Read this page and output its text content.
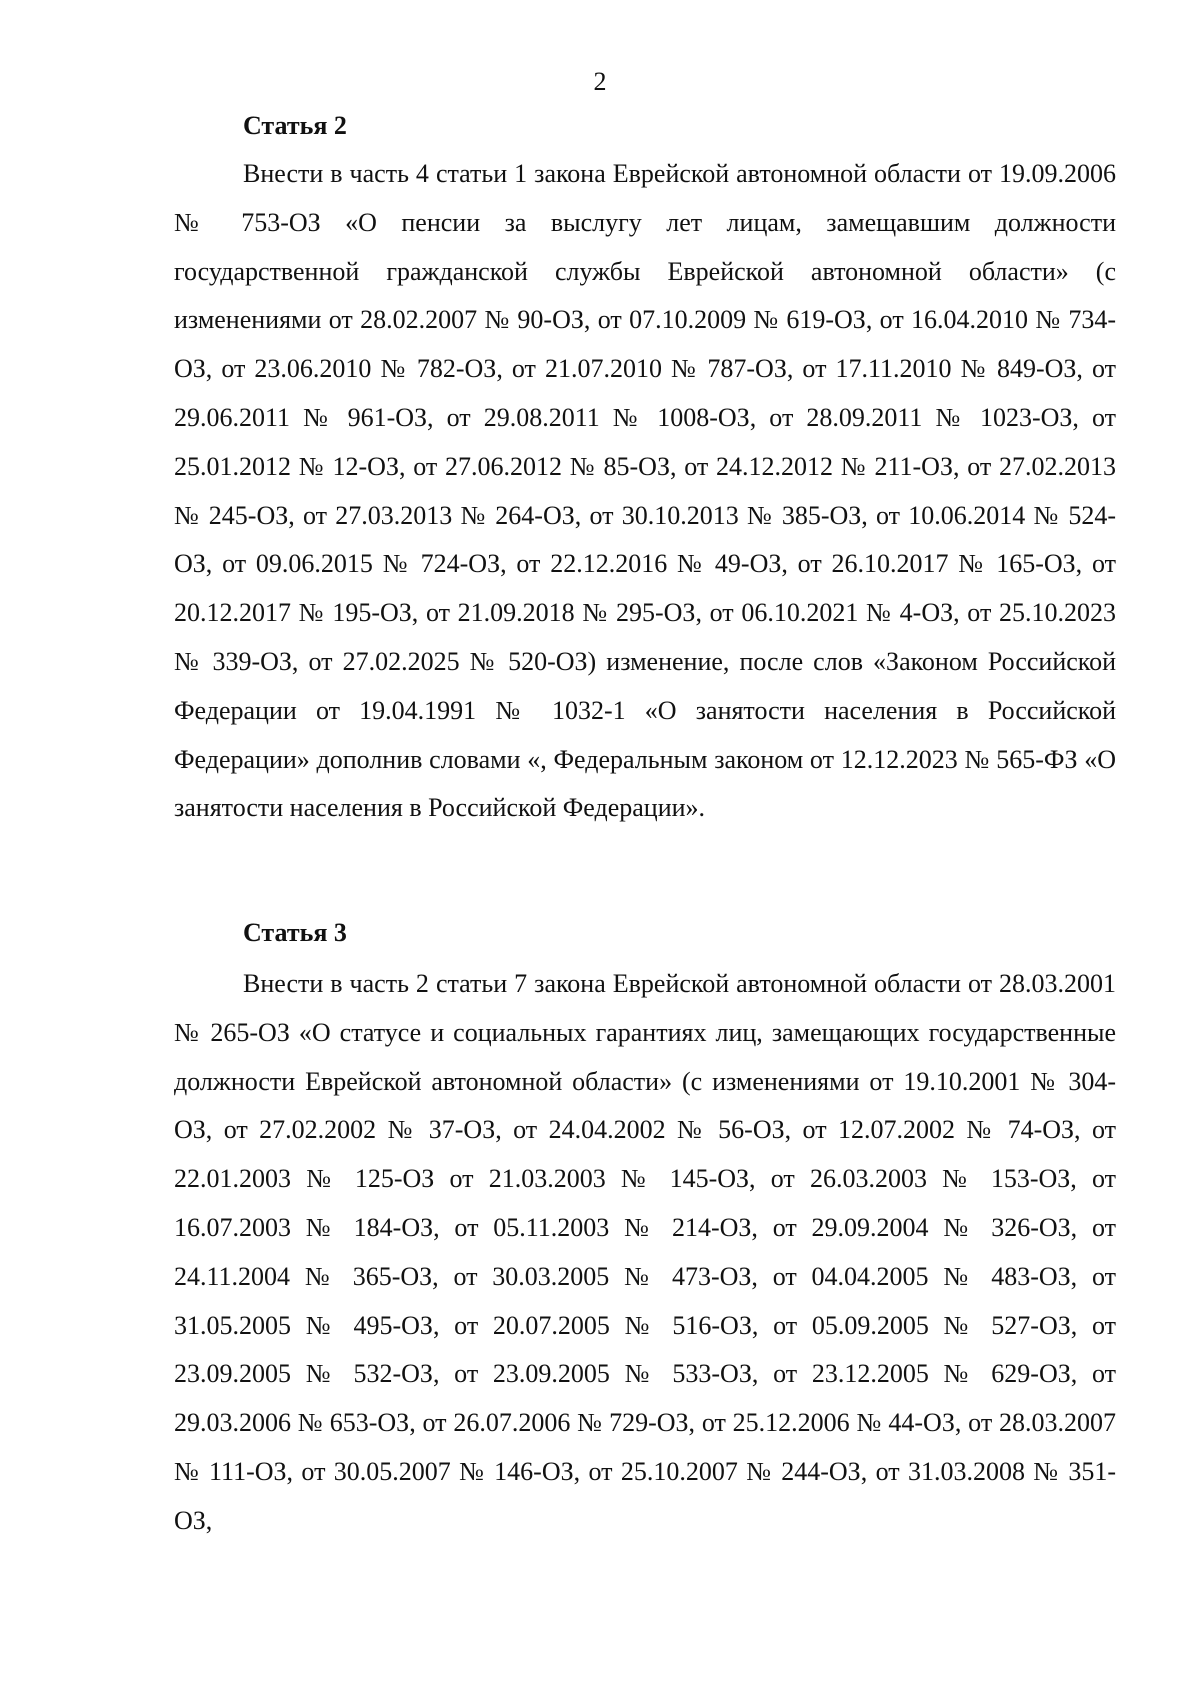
2
Статья 2

Внести в часть 4 статьи 1 закона Еврейской автономной области от 19.09.2006 № 753-ОЗ «О пенсии за выслугу лет лицам, замещавшим должности государственной гражданской службы Еврейской автономной области» (с изменениями от 28.02.2007 № 90-ОЗ, от 07.10.2009 № 619-ОЗ, от 16.04.2010 № 734-ОЗ, от 23.06.2010 № 782-ОЗ, от 21.07.2010 № 787-ОЗ, от 17.11.2010 № 849-ОЗ, от 29.06.2011 № 961-ОЗ, от 29.08.2011 № 1008-ОЗ, от 28.09.2011 № 1023-ОЗ, от 25.01.2012 № 12-ОЗ, от 27.06.2012 № 85-ОЗ, от 24.12.2012 № 211-ОЗ, от 27.02.2013 № 245-ОЗ, от 27.03.2013 № 264-ОЗ, от 30.10.2013 № 385-ОЗ, от 10.06.2014 № 524-ОЗ, от 09.06.2015 № 724-ОЗ, от 22.12.2016 № 49-ОЗ, от 26.10.2017 № 165-ОЗ, от 20.12.2017 № 195-ОЗ, от 21.09.2018 № 295-ОЗ, от 06.10.2021 № 4-ОЗ, от 25.10.2023 № 339-ОЗ, от 27.02.2025 № 520-ОЗ) изменение, после слов «Законом Российской Федерации от 19.04.1991 № 1032-1 «О занятости населения в Российской Федерации» дополнив словами «, Федеральным законом от 12.12.2023 № 565-ФЗ «О занятости населения в Российской Федерации».

Статья 3

Внести в часть 2 статьи 7 закона Еврейской автономной области от 28.03.2001 № 265-ОЗ «О статусе и социальных гарантиях лиц, замещающих государственные должности Еврейской автономной области» (с изменениями от 19.10.2001 № 304-ОЗ, от 27.02.2002 № 37-ОЗ, от 24.04.2002 № 56-ОЗ, от 12.07.2002 № 74-ОЗ, от 22.01.2003 № 125-ОЗ от 21.03.2003 № 145-ОЗ, от 26.03.2003 № 153-ОЗ, от 16.07.2003 № 184-ОЗ, от 05.11.2003 № 214-ОЗ, от 29.09.2004 № 326-ОЗ, от 24.11.2004 № 365-ОЗ, от 30.03.2005 № 473-ОЗ, от 04.04.2005 № 483-ОЗ, от 31.05.2005 № 495-ОЗ, от 20.07.2005 № 516-ОЗ, от 05.09.2005 № 527-ОЗ, от 23.09.2005 № 532-ОЗ, от 23.09.2005 № 533-ОЗ, от 23.12.2005 № 629-ОЗ, от 29.03.2006 № 653-ОЗ, от 26.07.2006 № 729-ОЗ, от 25.12.2006 № 44-ОЗ, от 28.03.2007 № 111-ОЗ, от 30.05.2007 № 146-ОЗ, от 25.10.2007 № 244-ОЗ, от 31.03.2008 № 351-ОЗ,
